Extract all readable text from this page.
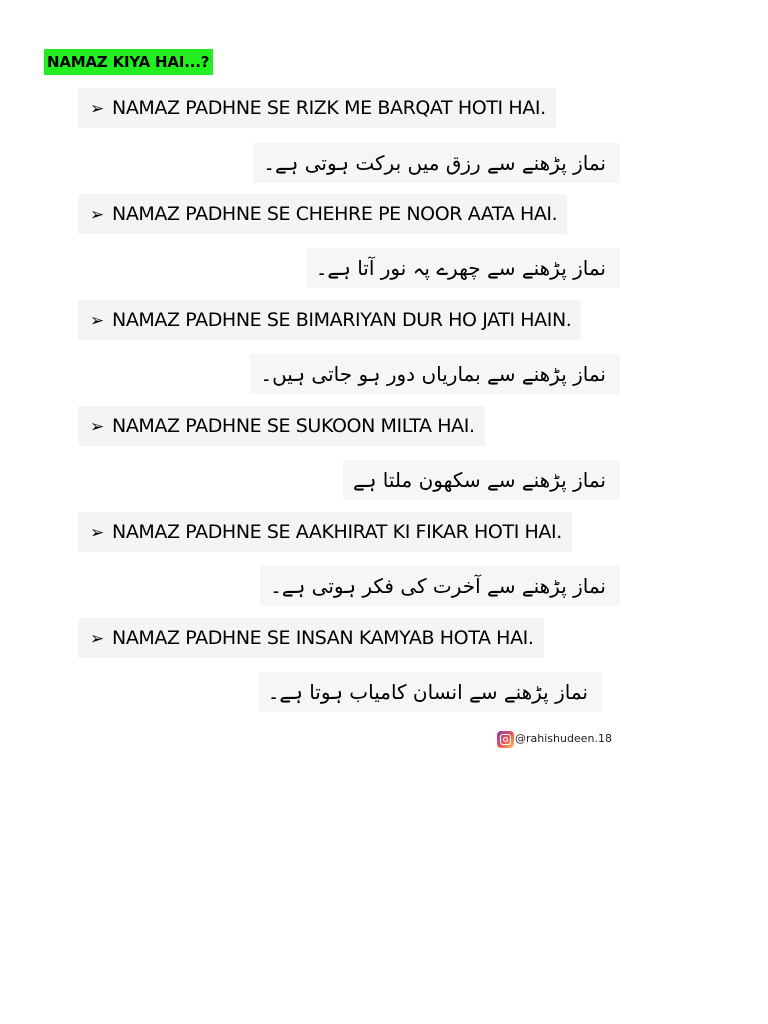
NAMAZ KIYA HAI...?
➢ NAMAZ PADHNE SE RIZK ME BARQAT HOTI HAI.
نماز پڑھنے سے رزق میں برکت ہوتی ہے۔
➢ NAMAZ PADHNE SE CHEHRE PE NOOR AATA HAI.
نماز پڑھنے سے چھرے پہ نور آتا ہے۔
➢ NAMAZ PADHNE SE BIMARIYAN DUR HO JATI HAIN.
نماز پڑھنے سے بماریاں دور ہو جاتی ہیں۔
➢ NAMAZ PADHNE SE SUKOON MILTA HAI.
نماز پڑھنے سے سکھون ملتا ہے
➢ NAMAZ PADHNE SE AAKHIRAT KI FIKAR HOTI HAI.
نماز پڑھنے سے آخرت کی فکر ہوتی ہے۔
➢ NAMAZ PADHNE SE INSAN KAMYAB HOTA HAI.
نماز پڑھنے سے انسان کامیاب ہوتا ہے۔
@rahishudeen.18
